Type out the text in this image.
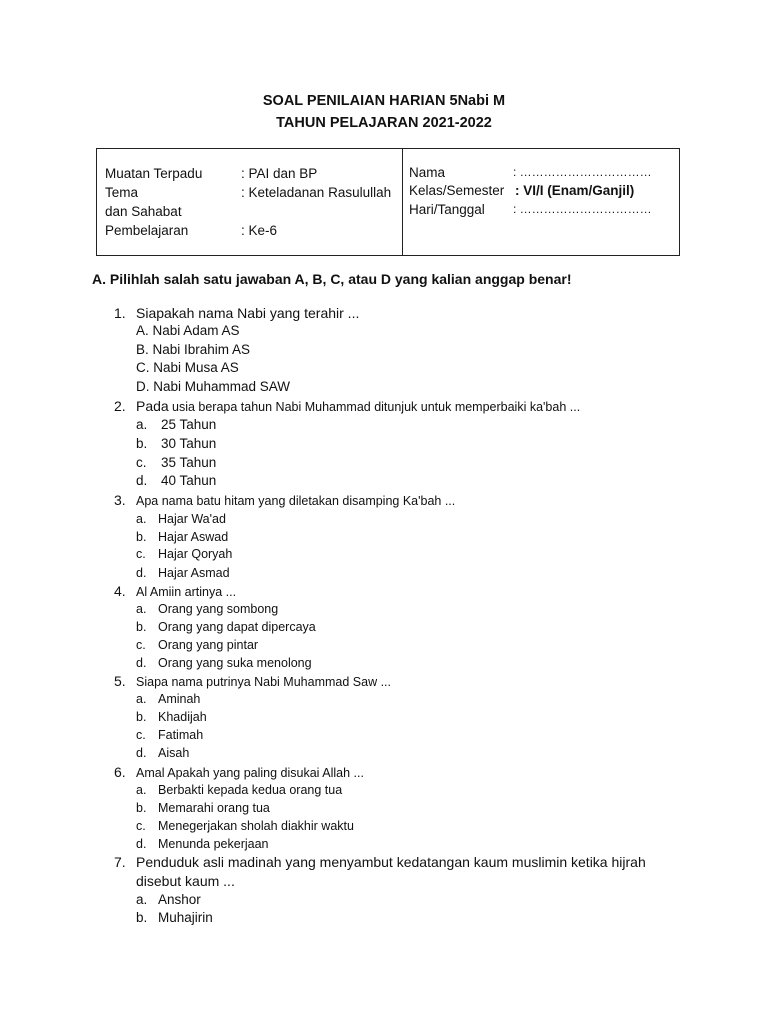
SOAL PENILAIAN HARIAN 5Nabi M
TAHUN PELAJARAN 2021-2022
Muatan Terpadu	: PAI dan BP
Tema	: Keteladanan Rasulullah
dan Sahabat
Pembelajaran	: Ke-6
Nama	: ……………………………
Kelas/Semester : VI/I (Enam/Ganjil)
Hari/Tanggal : ……………………………
A. Pilihlah salah satu jawaban A, B, C, atau D yang kalian anggap benar!
1. Siapakah nama Nabi yang terahir ...
A. Nabi Adam AS
B. Nabi Ibrahim AS
C. Nabi Musa AS
D. Nabi Muhammad SAW
2. Pada usia berapa tahun Nabi Muhammad ditunjuk untuk memperbaiki ka'bah ...
a. 25 Tahun
b. 30 Tahun
c. 35 Tahun
d. 40 Tahun
3. Apa nama batu hitam yang diletakan disamping Ka'bah ...
a. Hajar Wa'ad
b. Hajar Aswad
c. Hajar Qoryah
d. Hajar Asmad
4. Al Amiin artinya ...
a. Orang yang sombong
b. Orang yang dapat dipercaya
c. Orang yang pintar
d. Orang yang suka menolong
5. Siapa nama putrinya Nabi Muhammad Saw ...
a. Aminah
b. Khadijah
c. Fatimah
d. Aisah
6. Amal Apakah yang paling disukai Allah ...
a. Berbakti kepada kedua orang tua
b. Memarahi orang tua
c. Menegerjakan sholah diakhir waktu
d. Menunda pekerjaan
7. Penduduk asli madinah yang menyambut kedatangan kaum muslimin ketika hijrah
disebut kaum ...
a. Anshor
b. Muhajirin
